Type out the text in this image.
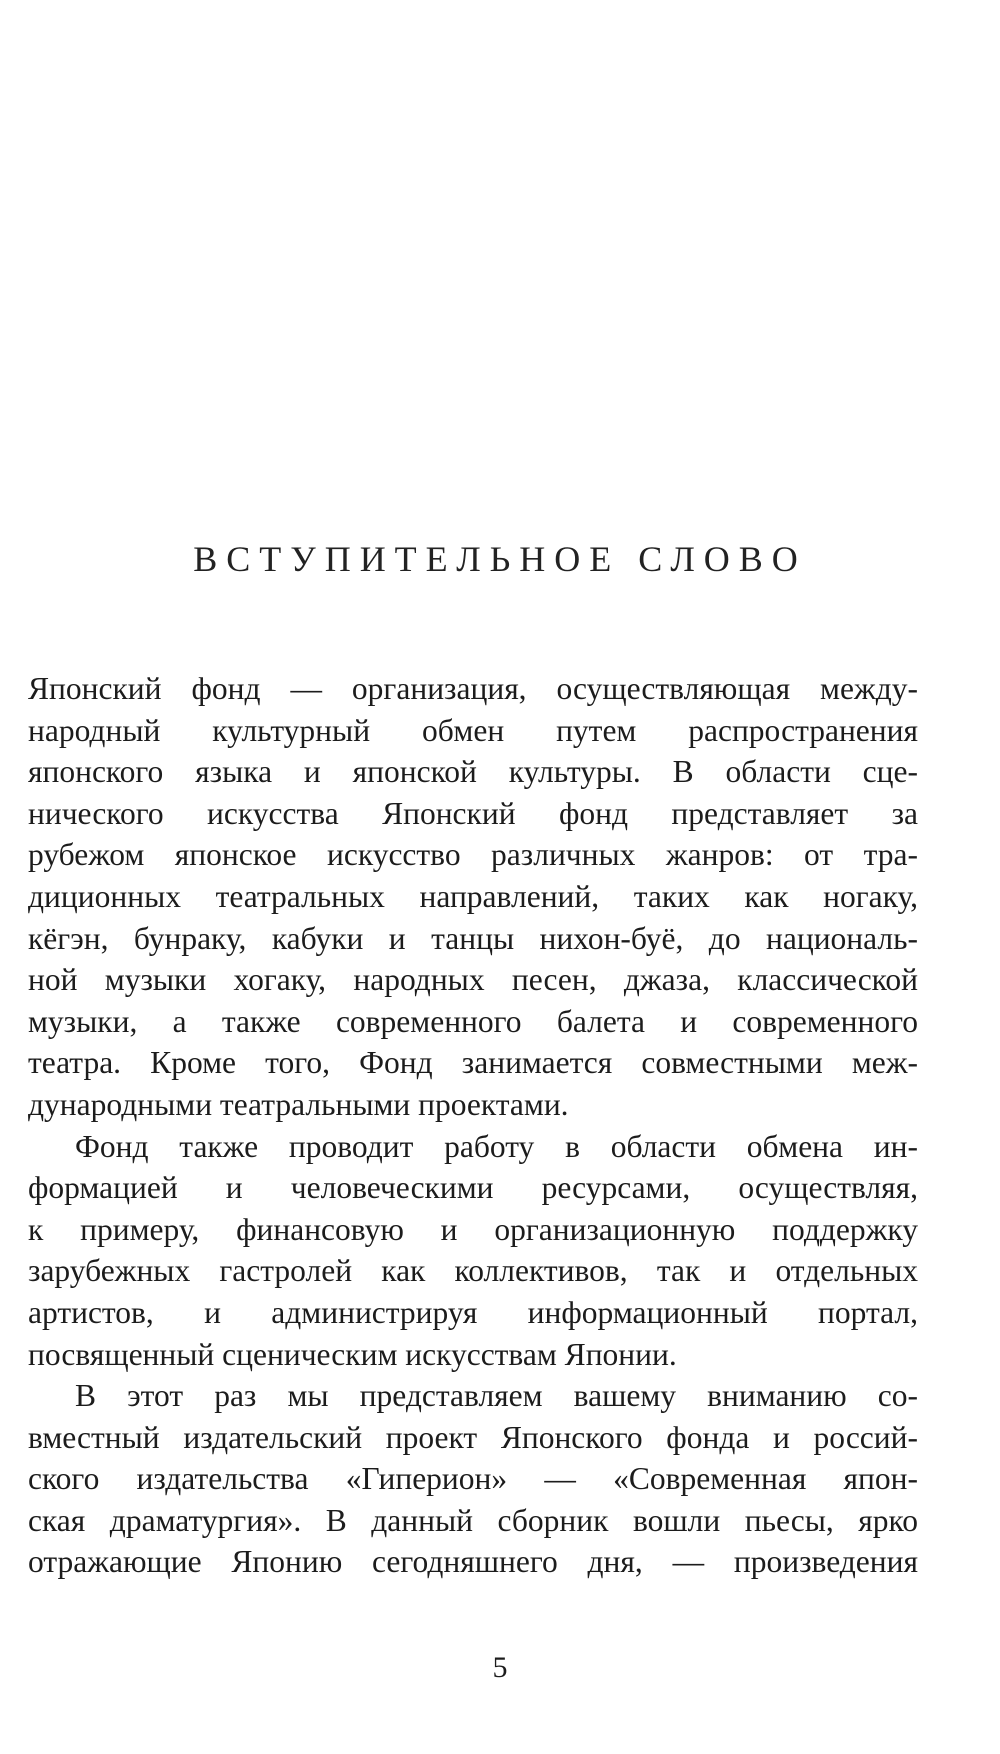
ВСТУПИТЕЛЬНОЕ СЛОВО
Японский фонд — организация, осуществляющая между-
народный культурный обмен путем распространения
японского языка и японской культуры. В области сце-
нического искусства Японский фонд представляет за
рубежом японское искусство различных жанров: от тра-
диционных театральных направлений, таких как ногаку,
кёгэн, бунраку, кабуки и танцы нихон-буё, до националь-
ной музыки хогаку, народных песен, джаза, классической
музыки, а также современного балета и современного
театра. Кроме того, Фонд занимается совместными меж-
дународными театральными проектами.
Фонд также проводит работу в области обмена ин-
формацией и человеческими ресурсами, осуществляя,
к примеру, финансовую и организационную поддержку
зарубежных гастролей как коллективов, так и отдельных
артистов, и администрируя информационный портал,
посвященный сценическим искусствам Японии.
В этот раз мы представляем вашему вниманию со-
вместный издательский проект Японского фонда и россий-
ского издательства «Гиперион» — «Современная япон-
ская драматургия». В данный сборник вошли пьесы, ярко
отражающие Японию сегодняшнего дня, — произведения
5
